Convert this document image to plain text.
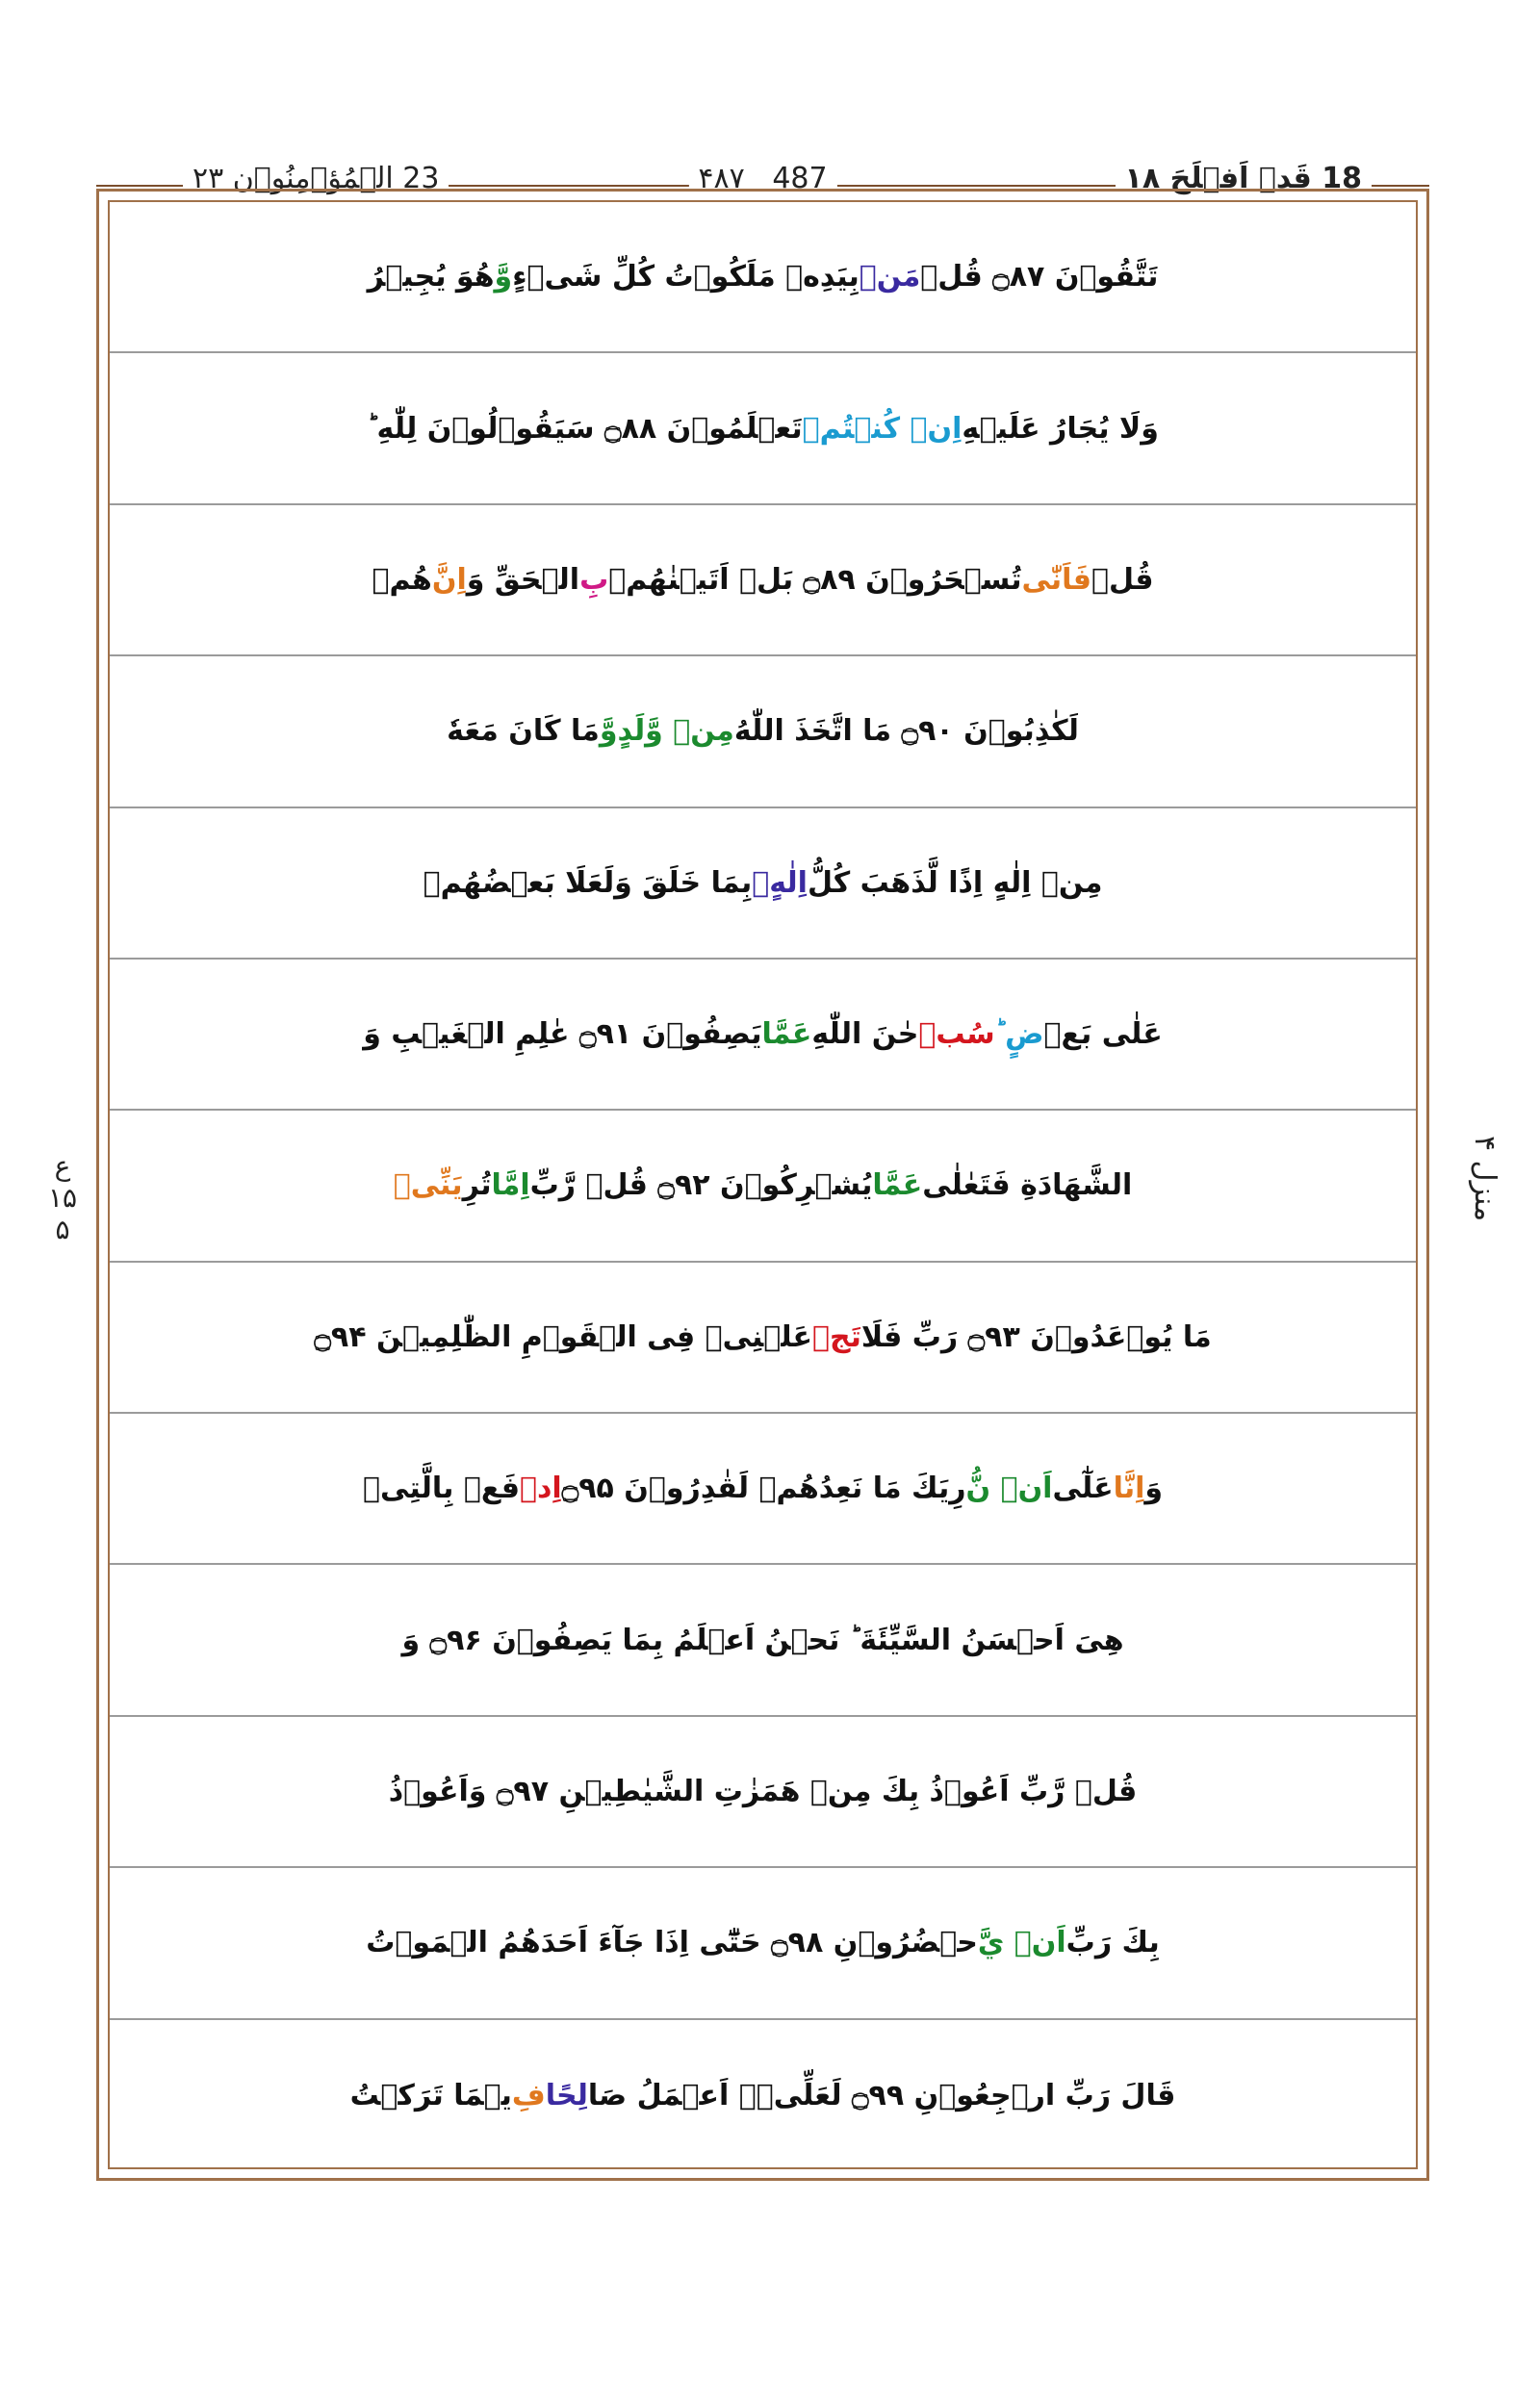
18 قَدۡ اَفۡلَحَ ۱۸
۴۸۷ 487
23 الۡمُؤۡمِنُوۡن ۲۳
تَتَّقُوۡنَ ۝۸۷ قُلۡ
مَنۡ
بِيَدِهٖ مَلَكُوۡتُ كُلِّ شَىۡءٍ
وَّ
هُوَ يُجِيۡرُ
وَلَا يُجَارُ عَلَيۡهِ
اِنۡ كُنۡتُمۡ
تَعۡلَمُوۡنَ ۝۸۸ سَيَقُوۡلُوۡنَ لِلّٰهِ ؕ
قُلۡ
فَاَنّٰى
تُسۡحَرُوۡنَ ۝۸۹ بَلۡ اَتَيۡنٰهُمۡ
بِ
الۡحَقِّ وَ
اِنَّ
هُمۡ
لَكٰذِبُوۡنَ ۝۹۰ مَا اتَّخَذَ اللّٰهُ
مِنۡ وَّلَدٍ
وَّ
مَا كَانَ مَعَهٗ
مِنۡ اِلٰهٍ اِذًا لَّذَهَبَ كُلُّ
اِلٰهٍۢ
بِمَا خَلَقَ وَلَعَلَا بَعۡضُهُمۡ
عَلٰى بَعۡ
ضٍ ؕ
سُبۡ
حٰنَ اللّٰهِ
عَمَّا
يَصِفُوۡنَ ۝۹۱ عٰلِمِ الۡغَيۡبِ وَ
الشَّهَادَةِ فَتَعٰلٰى
عَمَّا
يُشۡرِكُوۡنَ ۝۹۲ قُلۡ رَّبِّ
اِمَّا
تُرِ
يَنِّىۡ
مَا يُوۡعَدُوۡنَ ۝۹۳ رَبِّ فَلَا
تَجۡ
عَلۡنِىۡ فِى الۡقَوۡمِ الظّٰلِمِيۡنَ ۝۹۴
وَ
اِنَّا
عَلٰٓى
اَنۡ نُّ
رِيَكَ مَا نَعِدُهُمۡ لَقٰدِرُوۡنَ ۝۹۵
اِدۡ
فَعۡ بِالَّتِىۡ
هِىَ اَحۡسَنُ السَّيِّئَةَ ؕ نَحۡنُ اَعۡلَمُ بِمَا يَصِفُوۡنَ ۝۹۶ وَ
قُلۡ رَّبِّ اَعُوۡذُ بِكَ مِنۡ هَمَزٰتِ الشَّيٰطِيۡنِ ۝۹۷ وَاَعُوۡذُ
بِكَ رَبِّ
اَنۡ يَّ
حۡضُرُوۡنِ ۝۹۸ حَتّٰٓى اِذَا جَآءَ اَحَدَهُمُ الۡمَوۡتُ
قَالَ رَبِّ ارۡجِعُوۡنِ ۝۹۹ لَعَلِّىۡۤ اَعۡمَلُ صَا
لِحًا
فِ
يۡمَا تَرَكۡتُ
منزل ۴
ع ۱۵ ۵
